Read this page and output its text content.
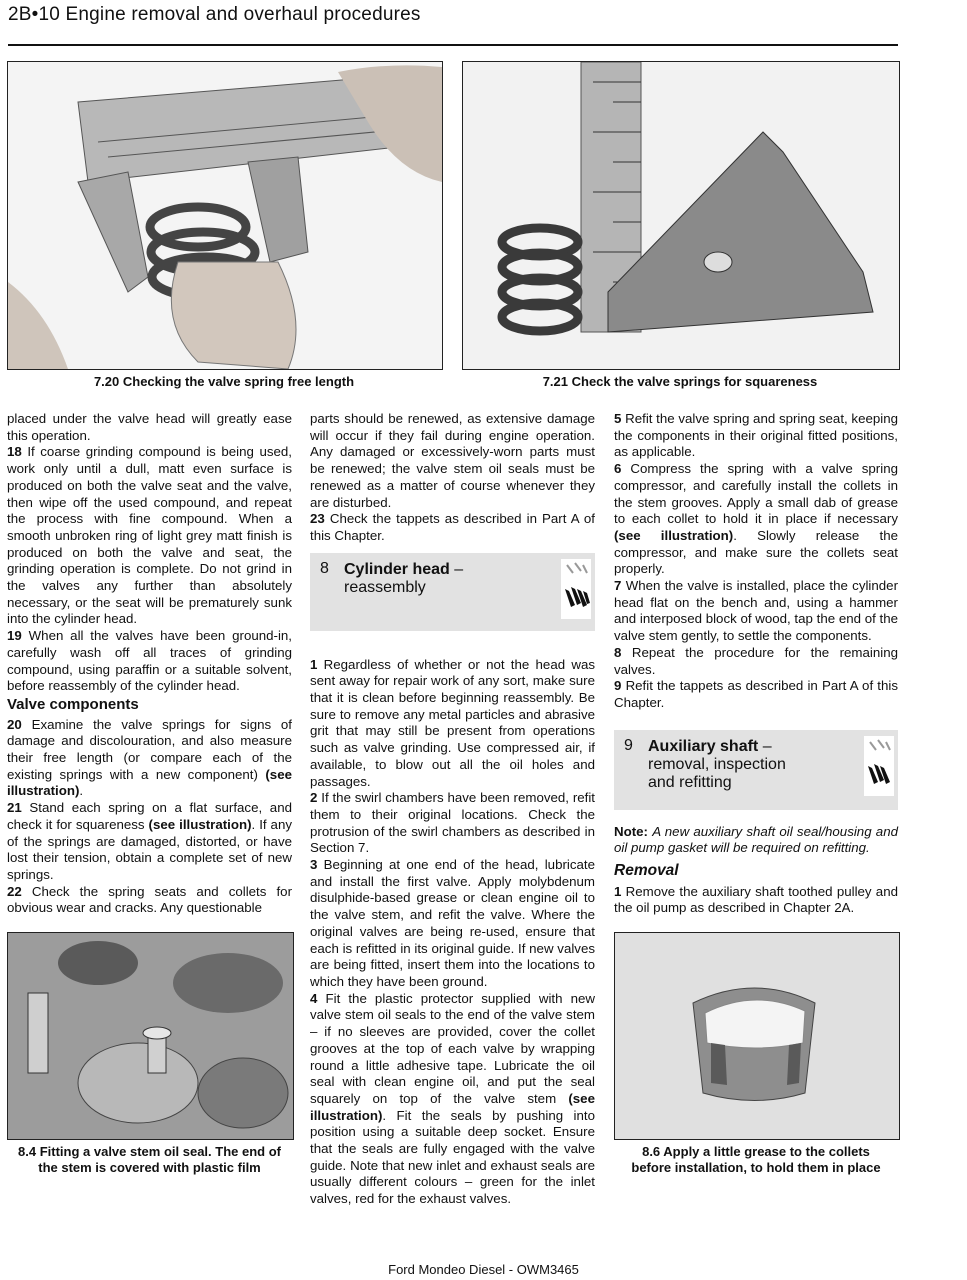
2B•10 Engine removal and overhaul procedures
7.20 Checking the valve spring free length	7.21 Check the valve springs for squareness

placed under the valve head will greatly ease this operation.

18 If coarse grinding compound is being used, work only until a dull, matt even surface is produced on both the valve seat and the valve, then wipe off the used compound, and repeat the process with fine compound. When a smooth unbroken ring of light grey matt finish is produced on both the valve and seat, the grinding operation is complete. Do not grind in the valves any further than absolutely necessary, or the seat will be prematurely sunk into the cylinder head.

19 When all the valves have been ground-in, carefully wash off all traces of grinding compound, using paraffin or a suitable solvent, before reassembly of the cylinder head.

Valve components

20 Examine the valve springs for signs of damage and discolouration, and also measure their free length (or compare each of the existing springs with a new component) (see illustration).

21 Stand each spring on a flat surface, and check it for squareness (see illustration). If any of the springs are damaged, distorted, or have lost their tension, obtain a complete set of new springs.

22 Check the spring seats and collets for obvious wear and cracks. Any questionable

8.4 Fitting a valve stem oil seal. The end of
the stem is covered with plastic film

parts should be renewed, as extensive damage will occur if they fail during engine operation. Any damaged or excessively-worn parts must be renewed; the valve stem oil seals must be renewed as a matter of course whenever they are disturbed.

23 Check the tappets as described in Part A of this Chapter.

8 Cylinder head –
reassembly

1 Regardless of whether or not the head was sent away for repair work of any sort, make sure that it is clean before beginning reassembly. Be sure to remove any metal particles and abrasive grit that may still be present from operations such as valve grinding. Use compressed air, if available, to blow out all the oil holes and passages.

2 If the swirl chambers have been removed, refit them to their original locations. Check the protrusion of the swirl chambers as described in Section 7.

3 Beginning at one end of the head, lubricate and install the first valve. Apply molybdenum disulphide-based grease or clean engine oil to the valve stem, and refit the valve. Where the original valves are being re-used, ensure that each is refitted in its original guide. If new valves are being fitted, insert them into the locations to which they have been ground.

4 Fit the plastic protector supplied with new valve stem oil seals to the end of the valve stem – if no sleeves are provided, cover the collet grooves at the top of each valve by wrapping round a little adhesive tape. Lubricate the oil seal with clean engine oil, and put the seal squarely on top of the valve stem (see illustration). Fit the seals by pushing into position using a suitable deep socket. Ensure that the seals are fully engaged with the valve guide. Note that new inlet and exhaust seals are usually different colours – green for the inlet valves, red for the exhaust valves.

5 Refit the valve spring and spring seat, keeping the components in their original fitted positions, as applicable.

6 Compress the spring with a valve spring compressor, and carefully install the collets in the stem grooves. Apply a small dab of grease to each collet to hold it in place if necessary (see illustration). Slowly release the compressor, and make sure the collets seat properly.

7 When the valve is installed, place the cylinder head flat on the bench and, using a hammer and interposed block of wood, tap the end of the valve stem gently, to settle the components.

8 Repeat the procedure for the remaining valves.

9 Refit the tappets as described in Part A of this Chapter.

9 Auxiliary shaft –
removal, inspection
and refitting

Note: A new auxiliary shaft oil seal/housing and oil pump gasket will be required on refitting.

Removal

1 Remove the auxiliary shaft toothed pulley and the oil pump as described in Chapter 2A.

8.6 Apply a little grease to the collets
before installation, to hold them in place
Ford Mondeo Diesel - OWM3465
